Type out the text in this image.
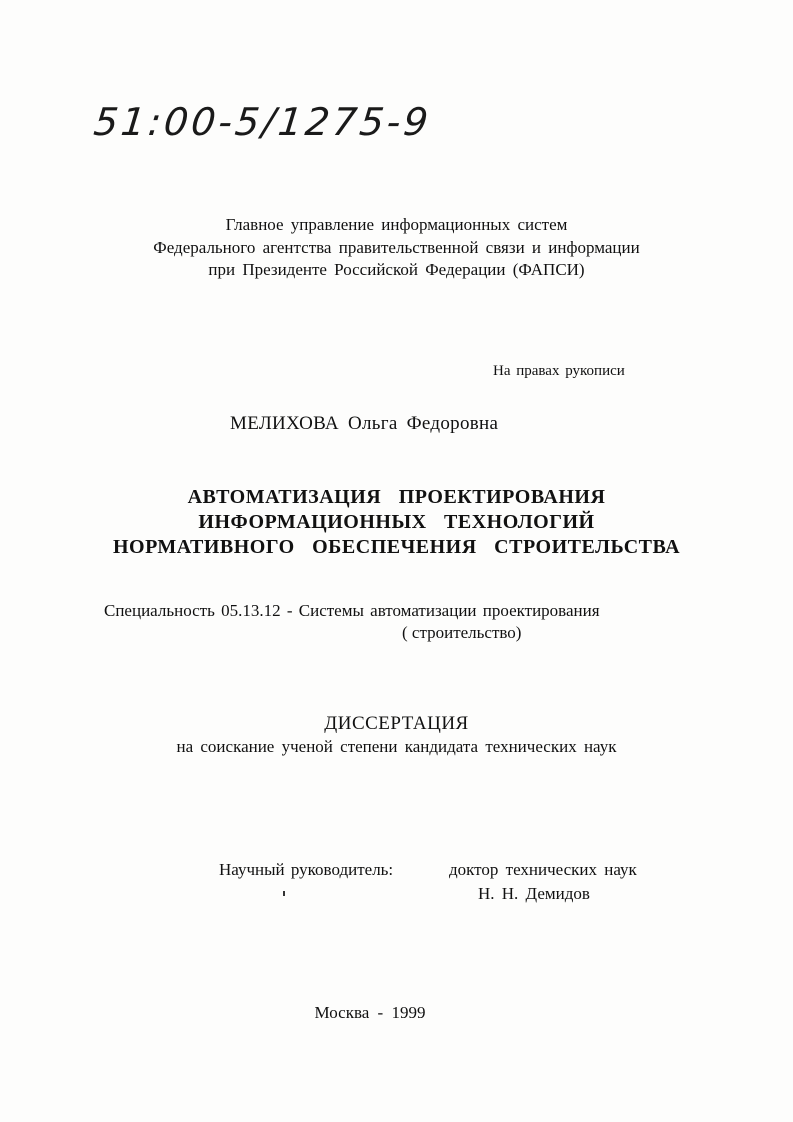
51:00-5/1275-9
Главное управление информационных систем
Федерального агентства правительственной связи и информации
при Президенте Российской Федерации (ФАПСИ)
На правах рукописи
МЕЛИХОВА Ольга Федоровна
АВТОМАТИЗАЦИЯ ПРОЕКТИРОВАНИЯ
ИНФОРМАЦИОННЫХ ТЕХНОЛОГИЙ
НОРМАТИВНОГО ОБЕСПЕЧЕНИЯ СТРОИТЕЛЬСТВА
Специальность 05.13.12 - Системы автоматизации проектирования
( строительство)
ДИССЕРТАЦИЯ
на соискание ученой степени кандидата технических наук
Научный руководитель:	доктор технических наук
Н. Н. Демидов
Москва - 1999
